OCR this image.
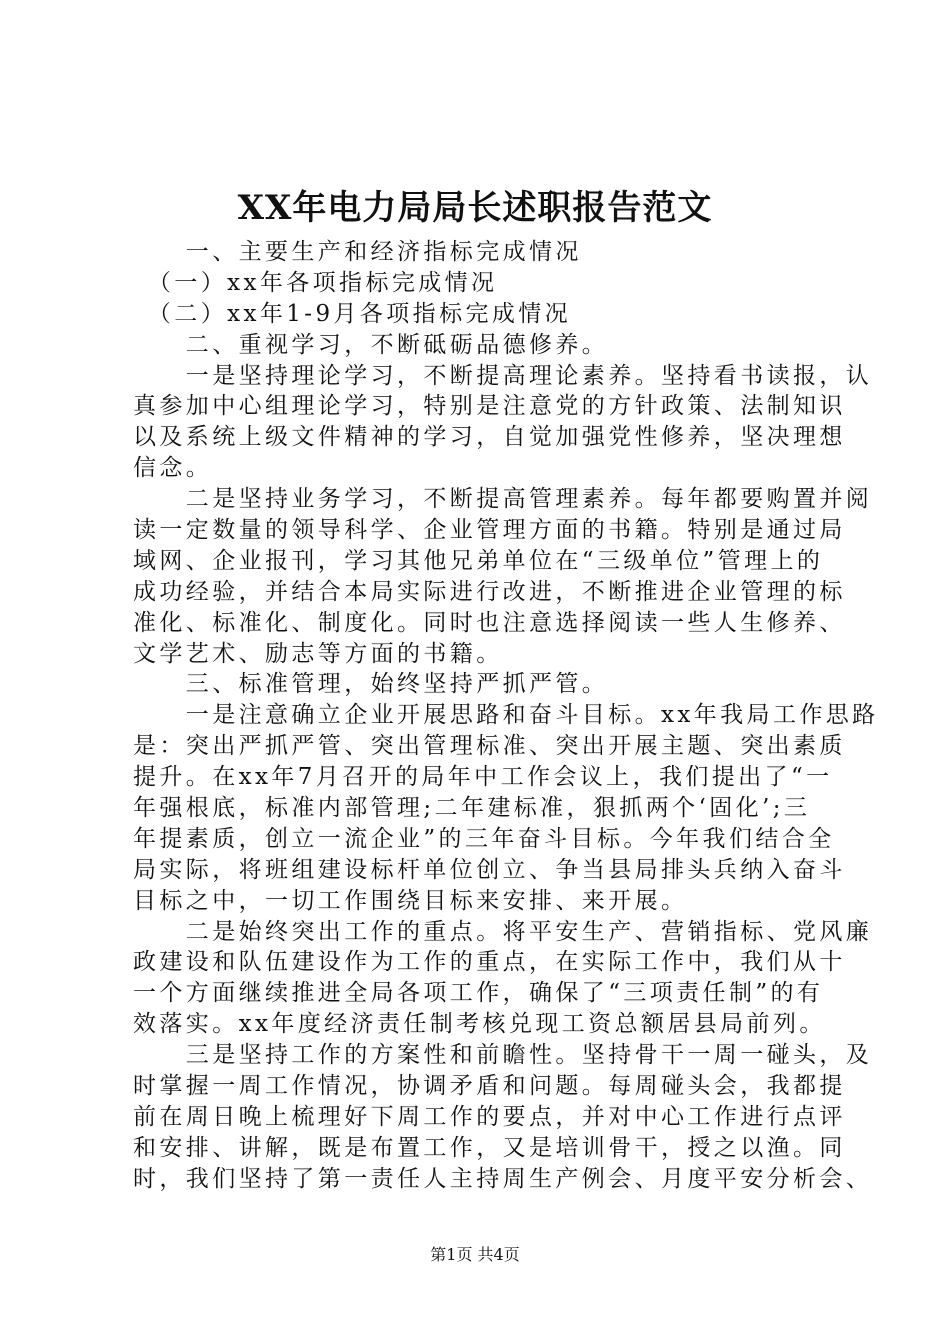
XX年电力局局长述职报告范文
　　一、主要生产和经济指标完成情况
　（一）xx年各项指标完成情况
　（二）xx年1-9月各项指标完成情况
　　二、重视学习，不断砥砺品德修养。
　　一是坚持理论学习，不断提高理论素养。坚持看书读报，认
真参加中心组理论学习，特别是注意党的方针政策、法制知识
以及系统上级文件精神的学习，自觉加强党性修养，坚决理想
信念。
　　二是坚持业务学习，不断提高管理素养。每年都要购置并阅
读一定数量的领导科学、企业管理方面的书籍。特别是通过局
域网、企业报刊，学习其他兄弟单位在“三级单位”管理上的
成功经验，并结合本局实际进行改进，不断推进企业管理的标
准化、标准化、制度化。同时也注意选择阅读一些人生修养、
文学艺术、励志等方面的书籍。
　　三、标准管理，始终坚持严抓严管。
　　一是注意确立企业开展思路和奋斗目标。xx年我局工作思路
是：突出严抓严管、突出管理标准、突出开展主题、突出素质
提升。在xx年7月召开的局年中工作会议上，我们提出了“一
年强根底，标准内部管理;二年建标准，狠抓两个‘固化’;三
年提素质，创立一流企业”的三年奋斗目标。今年我们结合全
局实际，将班组建设标杆单位创立、争当县局排头兵纳入奋斗
目标之中，一切工作围绕目标来安排、来开展。
　　二是始终突出工作的重点。将平安生产、营销指标、党风廉
政建设和队伍建设作为工作的重点，在实际工作中，我们从十
一个方面继续推进全局各项工作，确保了“三项责任制”的有
效落实。xx年度经济责任制考核兑现工资总额居县局前列。
　　三是坚持工作的方案性和前瞻性。坚持骨干一周一碰头，及
时掌握一周工作情况，协调矛盾和问题。每周碰头会，我都提
前在周日晚上梳理好下周工作的要点，并对中心工作进行点评
和安排、讲解，既是布置工作，又是培训骨干，授之以渔。同
时，我们坚持了第一责任人主持周生产例会、月度平安分析会、
第1页 共4页
